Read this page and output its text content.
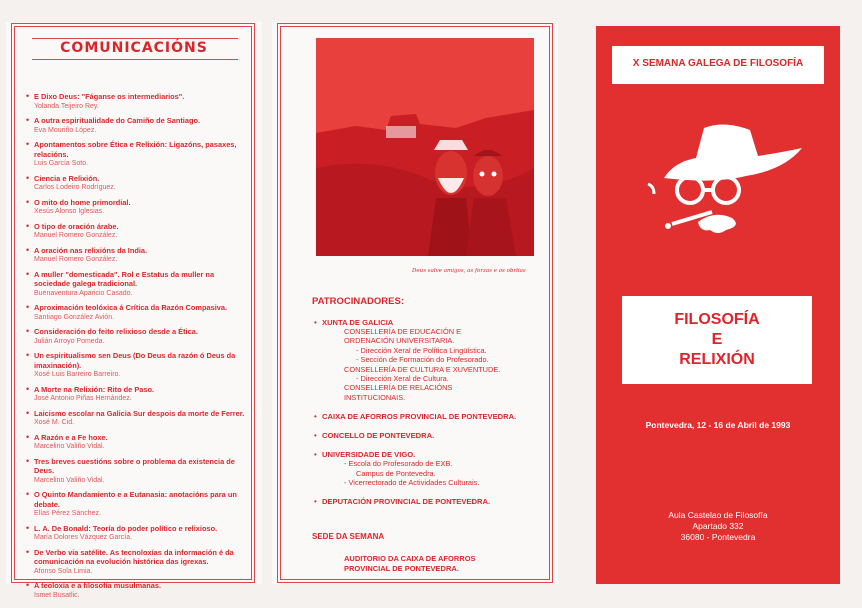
COMUNICACIÓNS
• E Dixo Deus: "Fáganse os intermediarios".
Yolanda Teijeiro Rey.
• A outra espiritualidade do Camiño de Santiago.
Eva Mouriño López.
• Apontamentos sobre Ética e Relixión: Ligazóns, pasaxes, relacións.
Luis García Soto.
• Ciencia e Relixión.
Carlos Lodeiro Rodríguez.
• O mito do home primordial.
Xesús Alonso Iglesias.
• O tipo de oración árabe.
Manuel Romero González.
• A oración nas relixións da India.
Manuel Romero González.
• A muller "domesticada". Rol e Estatus da muller na sociedade galega tradicional.
Buenaventura Aparicio Casado.
• Aproximación teolóxica á Crítica da Razón Compasiva.
Santiago González Avión.
• Consideración do feito relixioso desde a Ética.
Julián Arroyo Pomeda.
• Un espiritualismo sen Deus (Do Deus da razón ó Deus da imaxinación).
Xosé Luis Barreiro Barreiro.
• A Morte na Relixión: Rito de Paso.
José Antonio Piñas Hernández.
• Laicismo escolar na Galicia Sur despois da morte de Ferrer.
Xosé M. Cid.
• A Razón e a Fe hoxe.
Marcelino Valiño Vidal.
• Tres breves cuestións sobre o problema da existencia de Deus.
Marcelino Valiño Vidal.
• O Quinto Mandamiento e a Eutanasia: anotacións para un debate.
Elías Pérez Sánchez.
• L. A. De Bonald: Teoría do poder político e relixioso.
María Dolores Vázquez García.
• De Verbo via satélite. As tecnoloxías da información é da comunicación na evolución histórica das igrexas.
Afonso Sola Limia.
• A teoloxía e a filosofía musulmanas.
Ismet Busatlic.
Deus salve amigos, as forzas e os obrlias
PATROCINADORES:
• XUNTA DE GALICIA
CONSELLERÍA DE EDUCACIÓN E
ORDENACIÓN UNIVERSITARIA.
- Dirección Xeral de Política Lingüística.
- Sección de Formación do Profesorado.
CONSELLERÍA DE CULTURA E XUVENTUDE.
- Dirección Xeral de Cultura.
CONSELLERÍA DE RELACIÓNS
INSTITUCIONAIS.
• CAIXA DE AFORROS PROVINCIAL DE PONTEVEDRA.
• CONCELLO DE PONTEVEDRA.
• UNIVERSIDADE DE VIGO.
- Escola do Profesorado de EXB.
Campus de Pontevedra.
- Vicerrectorado de Actividades Culturais.
• DEPUTACIÓN PROVINCIAL DE PONTEVEDRA.
SEDE DA SEMANA
AUDITORIO DA CAIXA DE AFORROS
PROVINCIAL DE PONTEVEDRA.
X SEMANA GALEGA DE FILOSOFÍA
FILOSOFÍA
E
RELIXIÓN
Pontevedra, 12 - 16 de Abril de 1993
Aula Castelao de Filosofía
Apartado 332
36080 - Pontevedra
